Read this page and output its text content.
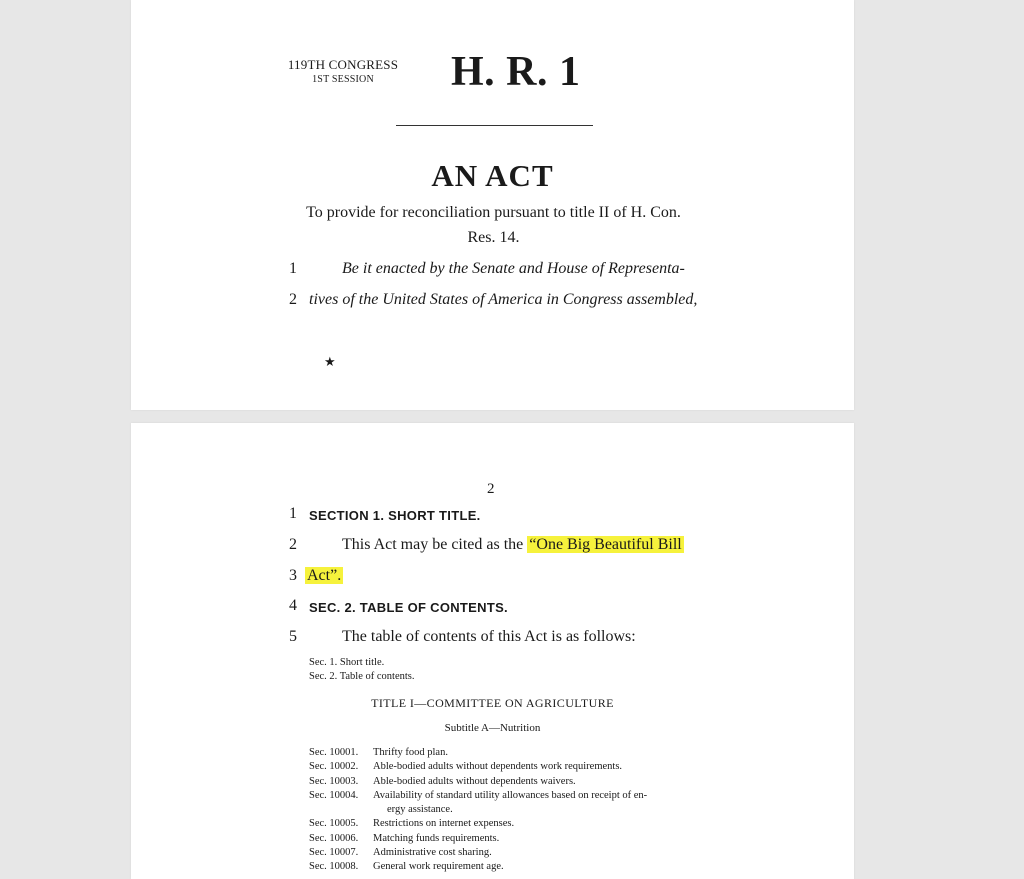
119TH CONGRESS
1ST SESSION	H. R. 1
AN ACT
To provide for reconciliation pursuant to title II of H. Con.
Res. 14.
1	Be it enacted by the Senate and House of Representa-
2 tives of the United States of America in Congress assembled,
★
2
1 SECTION 1. SHORT TITLE.
2	This Act may be cited as the “One Big Beautiful Bill
3 Act”.
4 SEC. 2. TABLE OF CONTENTS.
5	The table of contents of this Act is as follows:
Sec. 1. Short title.
Sec. 2. Table of contents.
TITLE I—COMMITTEE ON AGRICULTURE
Subtitle A—Nutrition
Sec. 10001.	Thrifty food plan.
Sec. 10002.	Able-bodied adults without dependents work requirements.
Sec. 10003.	Able-bodied adults without dependents waivers.
Sec. 10004.	Availability of standard utility allowances based on receipt of en-
ergy assistance.
Sec. 10005.	Restrictions on internet expenses.
Sec. 10006.	Matching funds requirements.
Sec. 10007.	Administrative cost sharing.
Sec. 10008.	General work requirement age.
